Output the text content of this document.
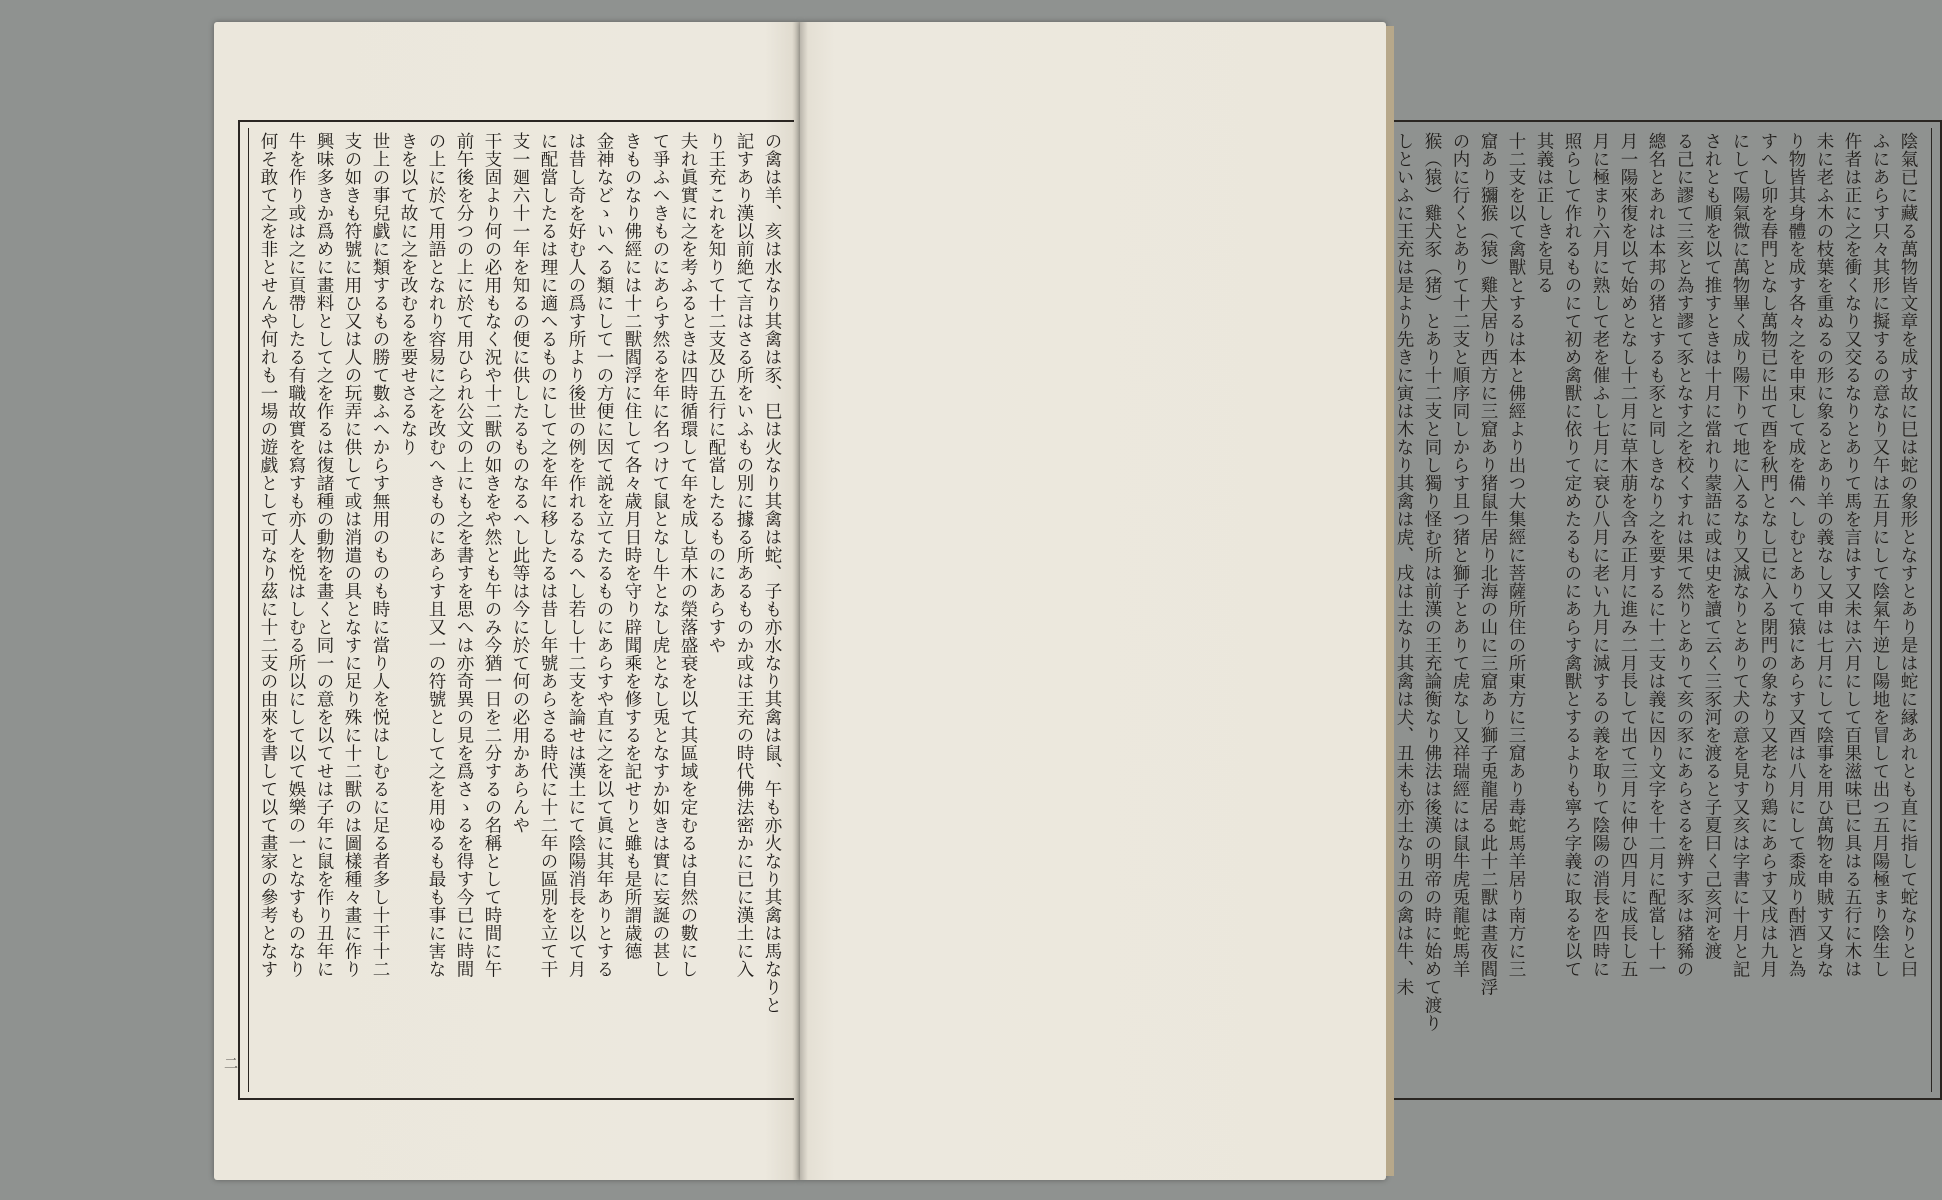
の禽は羊、亥は水なり其禽は豕、巳は火なり其禽は蛇、子も亦水なり其禽は鼠、午も亦火なり其禽は馬なりと
記すあり漢以前絶て言はさる所をいふもの別に據る所あるものか或は王充の時代佛法密かに已に漢土に入
り王充これを知りて十二支及ひ五行に配當したるものにあらすや
夫れ眞實に之を考ふるときは四時循環して年を成し草木の榮落盛衰を以て其區域を定むるは自然の數にし
て爭ふへきものにあらす然るを年に名つけて鼠となし牛となし虎となし兎となすか如きは實に妄誕の甚し
きものなり佛經には十二獸閻浮に住して各々歳月日時を守り辟聞乘を修するを記せりと雖も是所謂歳德
金神などゝいへる類にして一の方便に因て説を立てたるものにあらすや直に之を以て眞に其年ありとする
は昔し奇を好む人の爲す所より後世の例を作れるなるへし若し十二支を論せは漢土にて陰陽消長を以て月
に配當したるは理に適へるものにして之を年に移したるは昔し年號あらさる時代に十二年の區別を立て干
支一廻六十一年を知るの便に供したるものなるへし此等は今に於て何の必用かあらんや
干支固より何の必用もなく況や十二獸の如きをや然とも午のみ今猶一日を二分するの名稱として時間に午
前午後を分つの上に於て用ひられ公文の上にも之を書すを思へは亦奇異の見を爲さゝるを得す今已に時間
の上に於て用語となれり容易に之を改むへきものにあらす且又一の符號として之を用ゆるも最も事に害な
きを以て故に之を改むるを要せさるなり
世上の事兒戯に類するもの勝て數ふへからす無用のものも時に當り人を悦はしむるに足る者多し十干十二
支の如きも符號に用ひ又は人の玩弄に供して或は消遣の具となすに足り殊に十二獸のは圖樣種々畫に作り
興味多きか爲めに畫料として之を作るは復諸種の動物を畫くと同一の意を以てせは子年に鼠を作り丑年に
牛を作り或は之に頁帶したる有職故實を寫すも亦人を悦はしむる所以にして以て娛樂の一となすものなり
何そ敢て之を非とせんや何れも一場の遊戯として可なり茲に十二支の由來を書して以て畫家の參考となす
二
陰氣已に藏る萬物皆文章を成す故に巳は蛇の象形となすとあり是は蛇に縁あれとも直に指して蛇なりと曰
ふにあらす只々其形に擬するの意なり又午は五月にして陰氣午逆し陽地を冒して出つ五月陽極まり陰生し
仵者は正に之を衝くなり又交るなりとありて馬を言はす又未は六月にして百果滋味已に具はる五行に木は
未に老ふ木の枝葉を重ぬるの形に象るとあり羊の義なし又申は七月にして陰事を用ひ萬物を申賊す又身な
り物皆其身體を成す各々之を申束して成を備へしむとありて猿にあらす又酉は八月にして黍成り酎酒と為
すへし卯を春門となし萬物已に出て酉を秋門となし已に入る閉門の象なり又老なり鶏にあらす又戌は九月
にして陽氣微に萬物畢く成り陽下りて地に入るなり又滅なりとありて犬の意を見す又亥は字書に十月と記
されとも順を以て推すときは十月に當れり蒙語に或は史を讀て云く三豕河を渡ると子夏曰く己亥河を渡
る己に謬て三亥と為す謬て豕となす之を校くすれは果て然りとありて亥の豕にあらさるを辨す豕は豬豨の
總名とあれは本邦の猪とするも豕と同しきなり之を要するに十二支は義に因り文字を十二月に配當し十一
月一陽來復を以て始めとなし十二月に草木萠を含み正月に進み二月長して出て三月に伸ひ四月に成長し五
月に極まり六月に熟して老を催ふし七月に衰ひ八月に老い九月に滅するの義を取りて陰陽の消長を四時に
照らして作れるものにて初め禽獸に依りて定めたるものにあらす禽獸とするよりも寧ろ字義に取るを以て
其義は正しきを見る
十二支を以て禽獸とするは本と佛經より出つ大集經に菩薩所住の所東方に三窟あり毒蛇馬羊居り南方に三
窟あり獼猴（猿）雞犬居り西方に三窟あり猪鼠牛居り北海の山に三窟あり獅子兎龍居る此十二獸は晝夜閻浮
の内に行くとありて十二支と順序同しからす且つ猪と獅子とありて虎なし又祥瑞經には鼠牛虎兎龍蛇馬羊
猴（猿）雞犬豕（猪）とあり十二支と同し獨り怪む所は前漢の王充論衡なり佛法は後漢の明帝の時に始めて渡り
しといふに王充は是より先きに寅は木なり其禽は虎、戌は土なり其禽は犬、丑未も亦土なり丑の禽は牛、未
